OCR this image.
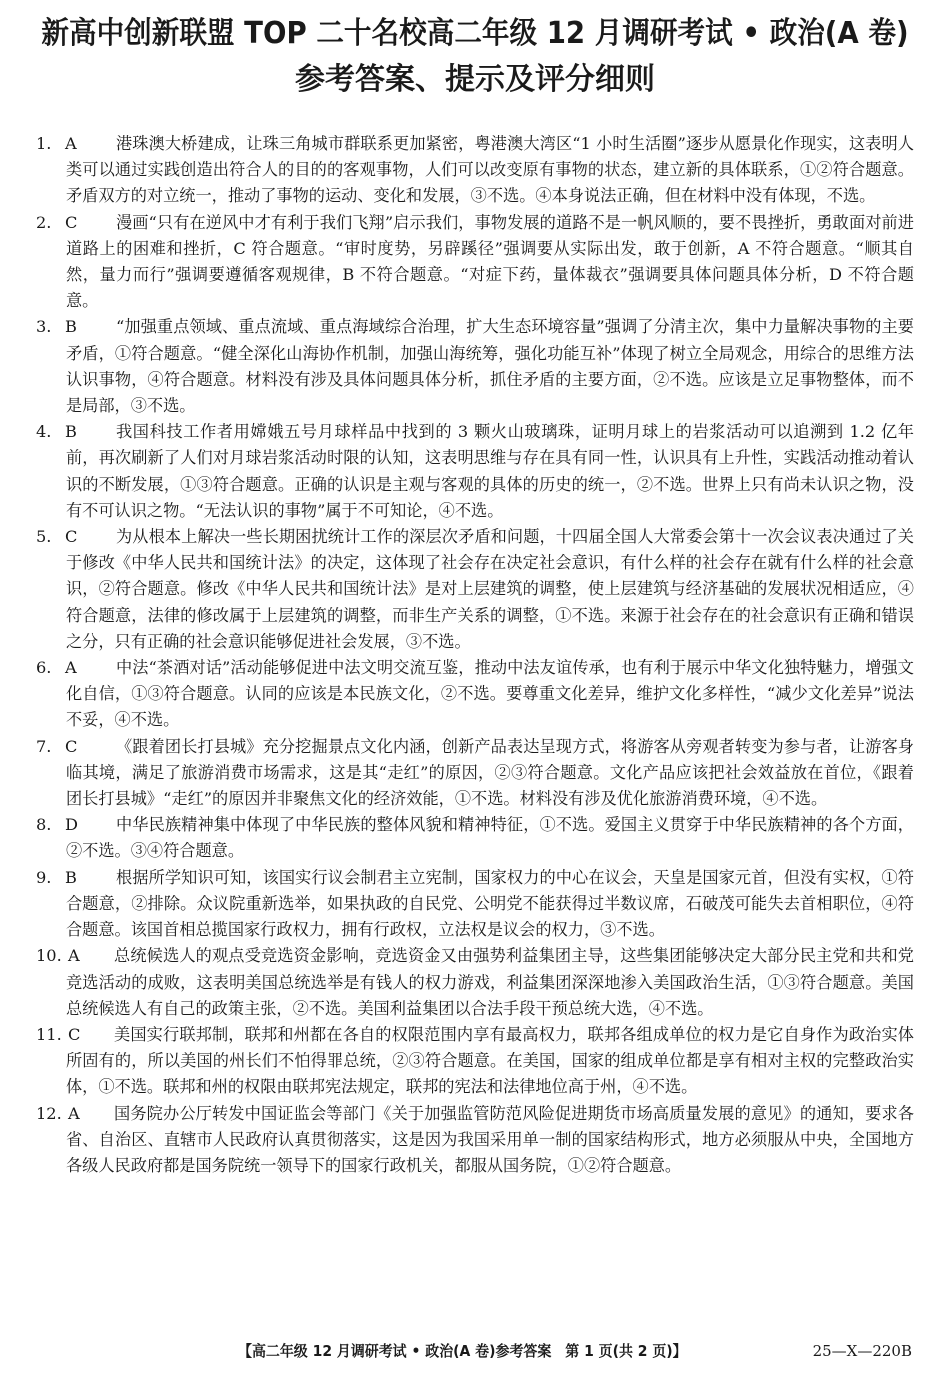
新高中创新联盟 TOP 二十名校高二年级 12 月调研考试 • 政治(A 卷)
参考答案、提示及评分细则
1. A	港珠澳大桥建成，让珠三角城市群联系更加紧密，粤港澳大湾区“1 小时生活圈”逐步从愿景化作现实，这表明人类可以通过实践创造出符合人的目的的客观事物，人们可以改变原有事物的状态，建立新的具体联系，①②符合题意。矛盾双方的对立统一，推动了事物的运动、变化和发展，③不选。④本身说法正确，但在材料中没有体现，不选。
2. C	漫画“只有在逆风中才有利于我们飞翔”启示我们，事物发展的道路不是一帆风顺的，要不畏挫折，勇敢面对前进道路上的困难和挫折，C 符合题意。“审时度势，另辟蹊径”强调要从实际出发，敢于创新，A 不符合题意。“顺其自然，量力而行”强调要遵循客观规律，B 不符合题意。“对症下药，量体裁衣”强调要具体问题具体分析，D 不符合题意。
3. B	“加强重点领域、重点流域、重点海域综合治理，扩大生态环境容量”强调了分清主次，集中力量解决事物的主要矛盾，①符合题意。“健全深化山海协作机制，加强山海统筹，强化功能互补”体现了树立全局观念，用综合的思维方法认识事物，④符合题意。材料没有涉及具体问题具体分析，抓住矛盾的主要方面，②不选。应该是立足事物整体，而不是局部，③不选。
4. B	我国科技工作者用嫦娥五号月球样品中找到的 3 颗火山玻璃珠，证明月球上的岩浆活动可以追溯到 1.2 亿年前，再次刷新了人们对月球岩浆活动时限的认知，这表明思维与存在具有同一性，认识具有上升性，实践活动推动着认识的不断发展，①③符合题意。正确的认识是主观与客观的具体的历史的统一，②不选。世界上只有尚未认识之物，没有不可认识之物。“无法认识的事物”属于不可知论，④不选。
5. C	为从根本上解决一些长期困扰统计工作的深层次矛盾和问题，十四届全国人大常委会第十一次会议表决通过了关于修改《中华人民共和国统计法》的决定，这体现了社会存在决定社会意识，有什么样的社会存在就有什么样的社会意识，②符合题意。修改《中华人民共和国统计法》是对上层建筑的调整，使上层建筑与经济基础的发展状况相适应，④符合题意，法律的修改属于上层建筑的调整，而非生产关系的调整，①不选。来源于社会存在的社会意识有正确和错误之分，只有正确的社会意识能够促进社会发展，③不选。
6. A	中法“茶酒对话”活动能够促进中法文明交流互鉴，推动中法友谊传承，也有利于展示中华文化独特魅力，增强文化自信，①③符合题意。认同的应该是本民族文化，②不选。要尊重文化差异，维护文化多样性，“减少文化差异”说法不妥，④不选。
7. C	《跟着团长打县城》充分挖掘景点文化内涵，创新产品表达呈现方式，将游客从旁观者转变为参与者，让游客身临其境，满足了旅游消费市场需求，这是其“走红”的原因，②③符合题意。文化产品应该把社会效益放在首位，《跟着团长打县城》“走红”的原因并非聚焦文化的经济效能，①不选。材料没有涉及优化旅游消费环境，④不选。
8. D	中华民族精神集中体现了中华民族的整体风貌和精神特征，①不选。爱国主义贯穿于中华民族精神的各个方面，②不选。③④符合题意。
9. B	根据所学知识可知，该国实行议会制君主立宪制，国家权力的中心在议会，天皇是国家元首，但没有实权，①符合题意，②排除。众议院重新选举，如果执政的自民党、公明党不能获得过半数议席，石破茂可能失去首相职位，④符合题意。该国首相总揽国家行政权力，拥有行政权，立法权是议会的权力，③不选。
10. A	总统候选人的观点受竞选资金影响，竞选资金又由强势利益集团主导，这些集团能够决定大部分民主党和共和党竞选活动的成败，这表明美国总统选举是有钱人的权力游戏，利益集团深深地渗入美国政治生活，①③符合题意。美国总统候选人有自己的政策主张，②不选。美国利益集团以合法手段干预总统大选，④不选。
11. C	美国实行联邦制，联邦和州都在各自的权限范围内享有最高权力，联邦各组成单位的权力是它自身作为政治实体所固有的，所以美国的州长们不怕得罪总统，②③符合题意。在美国，国家的组成单位都是享有相对主权的完整政治实体，①不选。联邦和州的权限由联邦宪法规定，联邦的宪法和法律地位高于州，④不选。
12. A	国务院办公厅转发中国证监会等部门《关于加强监管防范风险促进期货市场高质量发展的意见》的通知，要求各省、自治区、直辖市人民政府认真贯彻落实，这是因为我国采用单一制的国家结构形式，地方必须服从中央，全国地方各级人民政府都是国务院统一领导下的国家行政机关，都服从国务院，①②符合题意。
【高二年级 12 月调研考试 • 政治(A 卷)参考答案　第 1 页(共 2 页)】	25—X—220B
